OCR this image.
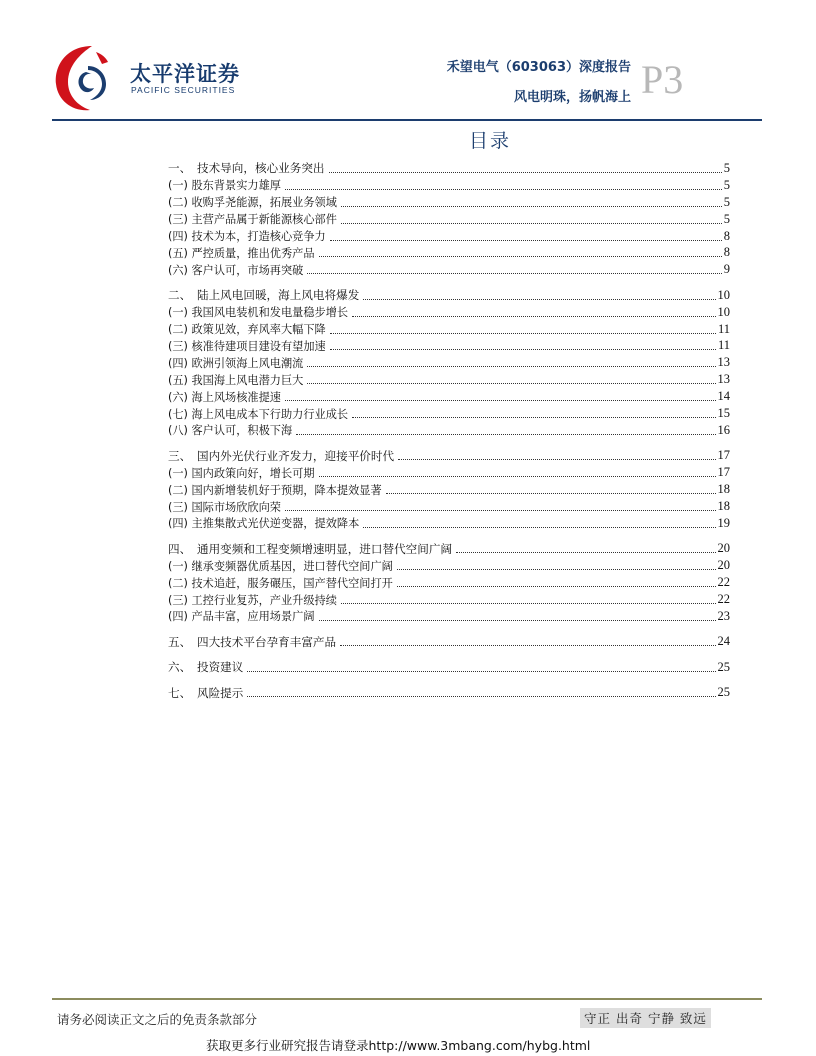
太平洋证券
PACIFIC SECURITIES
禾望电气（603063）深度报告
风电明珠，扬帆海上 P3
目录
一、　技术导向，核心业务突出	5
(一) 股东背景实力雄厚	5
(二) 收购孚尧能源，拓展业务领域	5
(三) 主营产品属于新能源核心部件	5
(四) 技术为本，打造核心竞争力	8
(五) 严控质量，推出优秀产品	8
(六) 客户认可，市场再突破	9
二、　陆上风电回暖，海上风电将爆发	10
(一) 我国风电装机和发电量稳步增长	10
(二) 政策见效，弃风率大幅下降	11
(三) 核准待建项目建设有望加速	11
(四) 欧洲引领海上风电潮流	13
(五) 我国海上风电潜力巨大	13
(六) 海上风场核准提速	14
(七) 海上风电成本下行助力行业成长	15
(八) 客户认可，积极下海	16
三、　国内外光伏行业齐发力，迎接平价时代	17
(一) 国内政策向好，增长可期	17
(二) 国内新增装机好于预期，降本提效显著	18
(三) 国际市场欣欣向荣	18
(四) 主推集散式光伏逆变器，提效降本	19
四、　通用变频和工程变频增速明显，进口替代空间广阔	20
(一) 继承变频器优质基因，进口替代空间广阔	20
(二) 技术追赶，服务碾压，国产替代空间打开	22
(三) 工控行业复苏，产业升级持续	22
(四) 产品丰富，应用场景广阔	23
五、　四大技术平台孕育丰富产品	24
六、　投资建议	25
七、　风险提示	25
请务必阅读正文之后的免责条款部分	守正 出奇 宁静 致远
获取更多行业研究报告请登录http://www.3mbang.com/hybg.html
